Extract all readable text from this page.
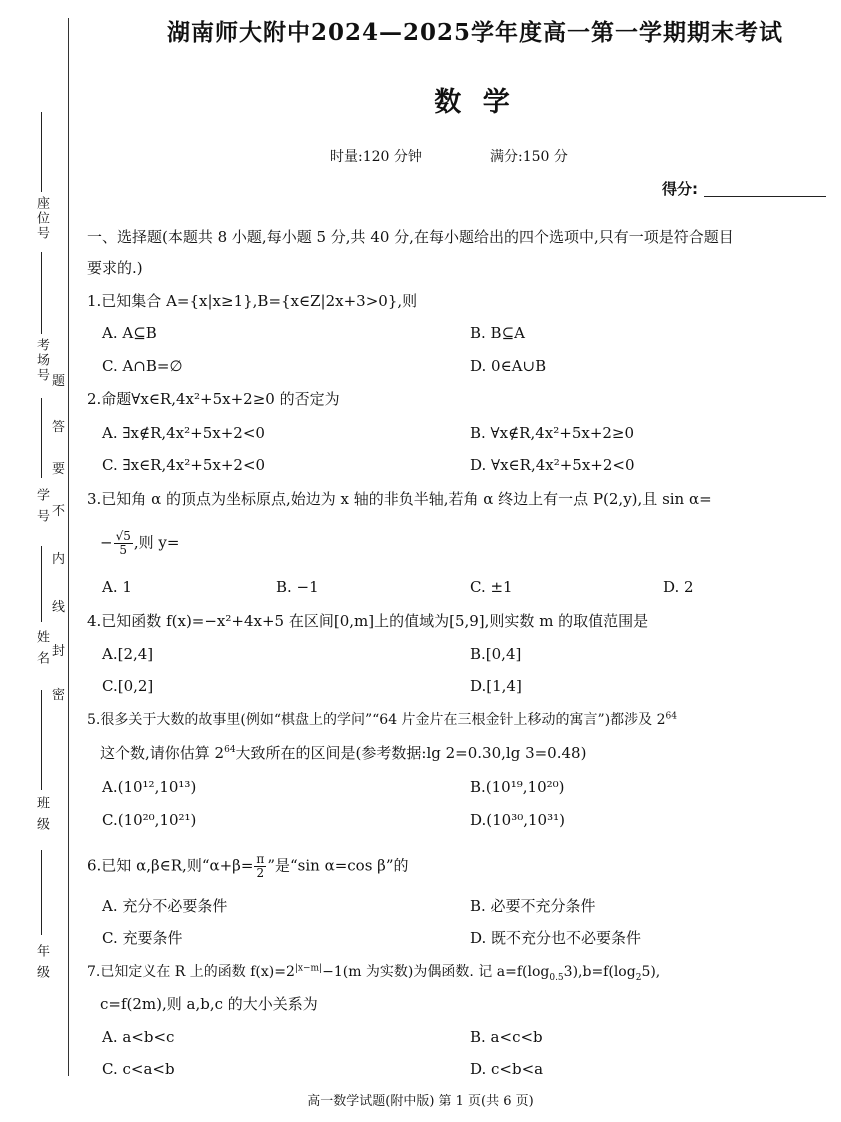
座位号
考场号
学 号
姓 名
班 级
年 级
题
答
要
不
内
线
封
密
湖南师大附中2024—2025学年度高一第一学期期末考试
数 学
时量:120 分钟	满分:150 分
得分:
一、选择题(本题共 8 小题,每小题 5 分,共 40 分,在每小题给出的四个选项中,只有一项是符合题目
要求的.)
1.已知集合 A={x|x≥1},B={x∈Z|2x+3>0},则
A. A⊆B	B. B⊆A
C. A∩B=∅	D. 0∈A∪B
2.命题∀x∈R,4x²+5x+2≥0 的否定为
A. ∃x∉R,4x²+5x+2<0	B. ∀x∉R,4x²+5x+2≥0
C. ∃x∈R,4x²+5x+2<0	D. ∀x∈R,4x²+5x+2<0
3.已知角 α 的顶点为坐标原点,始边为 x 轴的非负半轴,若角 α 终边上有一点 P(2,y),且 sin α=
− $\frac{√5}{5}$ ,则 y=
A. 1	B. −1	C. ±1	D. 2
4.已知函数 f(x)=−x²+4x+5 在区间[0,m]上的值域为[5,9],则实数 m 的取值范围是
A.[2,4]	B.[0,4]
C.[0,2]	D.[1,4]
5.很多关于大数的故事里(例如“棋盘上的学问”“64 片金片在三根金针上移动的寓言”)都涉及 $2^{64}$
这个数,请你估算 $2^{64}$大致所在的区间是(参考数据:lg 2=0.30,lg 3=0.48)
A.(10¹²,10¹³)	B.(10¹⁹,10²⁰)
C.(10²⁰,10²¹)	D.(10³⁰,10³¹)
6.已知 α,β∈R,则“$\alpha+\beta= \frac{\pi}{2}$ ”是“sin α=cos β”的
A. 充分不必要条件	B. 必要不充分条件
C. 充要条件	D. 既不充分也不必要条件
7.已知定义在 R 上的函数 $f(x)=2^{|x-m|}-1(m$ 为实数)为偶函数. 记 $a=f(\log_{0.5}3),b=f(\log_25)$,
c=f(2m),则 a,b,c 的大小关系为
A. a<b<c	B. a<c<b
C. c<a<b	D. c<b<a
高一数学试题(附中版) 第 1 页(共 6 页)
